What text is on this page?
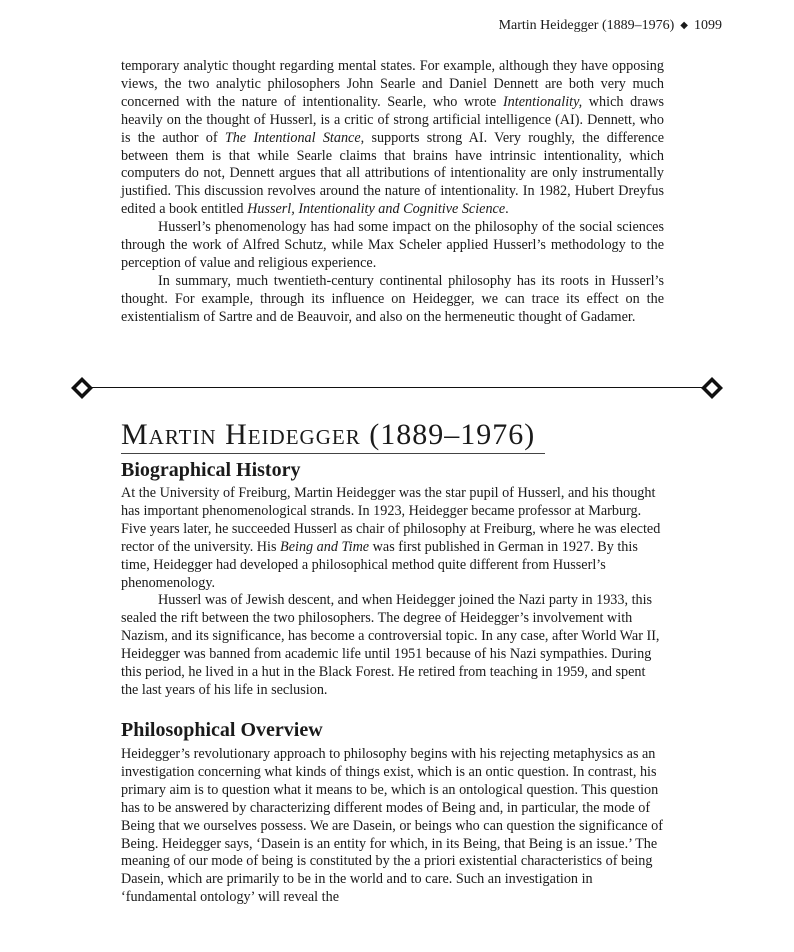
Martin Heidegger (1889–1976) ◆ 1099

temporary analytic thought regarding mental states. For example, although they have opposing views, the two analytic philosophers John Searle and Daniel Dennett are both very much concerned with the nature of intentionality. Searle, who wrote Intentionality, which draws heavily on the thought of Husserl, is a critic of strong artificial intelligence (AI). Dennett, who is the author of The Intentional Stance, supports strong AI. Very roughly, the difference between them is that while Searle claims that brains have intrinsic intentionality, which computers do not, Dennett argues that all attributions of intentionality are only instrumentally justified. This discussion revolves around the nature of intentionality. In 1982, Hubert Dreyfus edited a book entitled Husserl, Intentionality and Cognitive Science.

Husserl’s phenomenology has had some impact on the philosophy of the social sciences through the work of Alfred Schutz, while Max Scheler applied Husserl’s methodology to the perception of value and religious experience.

In summary, much twentieth-century continental philosophy has its roots in Husserl’s thought. For example, through its influence on Heidegger, we can trace its effect on the existentialism of Sartre and de Beauvoir, and also on the hermeneutic thought of Gadamer.

Martin Heidegger (1889–1976)
Biographical History

At the University of Freiburg, Martin Heidegger was the star pupil of Husserl, and his thought has important phenomenological strands. In 1923, Heidegger became professor at Marburg. Five years later, he succeeded Husserl as chair of philosophy at Freiburg, where he was elected rector of the university. His Being and Time was first published in German in 1927. By this time, Heidegger had developed a philosophical method quite different from Husserl’s phenomenology.

Husserl was of Jewish descent, and when Heidegger joined the Nazi party in 1933, this sealed the rift between the two philosophers. The degree of Heidegger’s involvement with Nazism, and its significance, has become a controversial topic. In any case, after World War II, Heidegger was banned from academic life until 1951 because of his Nazi sympathies. During this period, he lived in a hut in the Black Forest. He retired from teaching in 1959, and spent the last years of his life in seclusion.

Philosophical Overview

Heidegger’s revolutionary approach to philosophy begins with his rejecting metaphysics as an investigation concerning what kinds of things exist, which is an ontic question. In contrast, his primary aim is to question what it means to be, which is an ontological question. This question has to be answered by characterizing different modes of Being and, in particular, the mode of Being that we ourselves possess. We are Dasein, or beings who can question the significance of Being. Heidegger says, ‘Dasein is an entity for which, in its Being, that Being is an issue.’ The meaning of our mode of being is constituted by the a priori existential characteristics of being Dasein, which are primarily to be in the world and to care. Such an investigation in ‘fundamental ontology’ will reveal the
